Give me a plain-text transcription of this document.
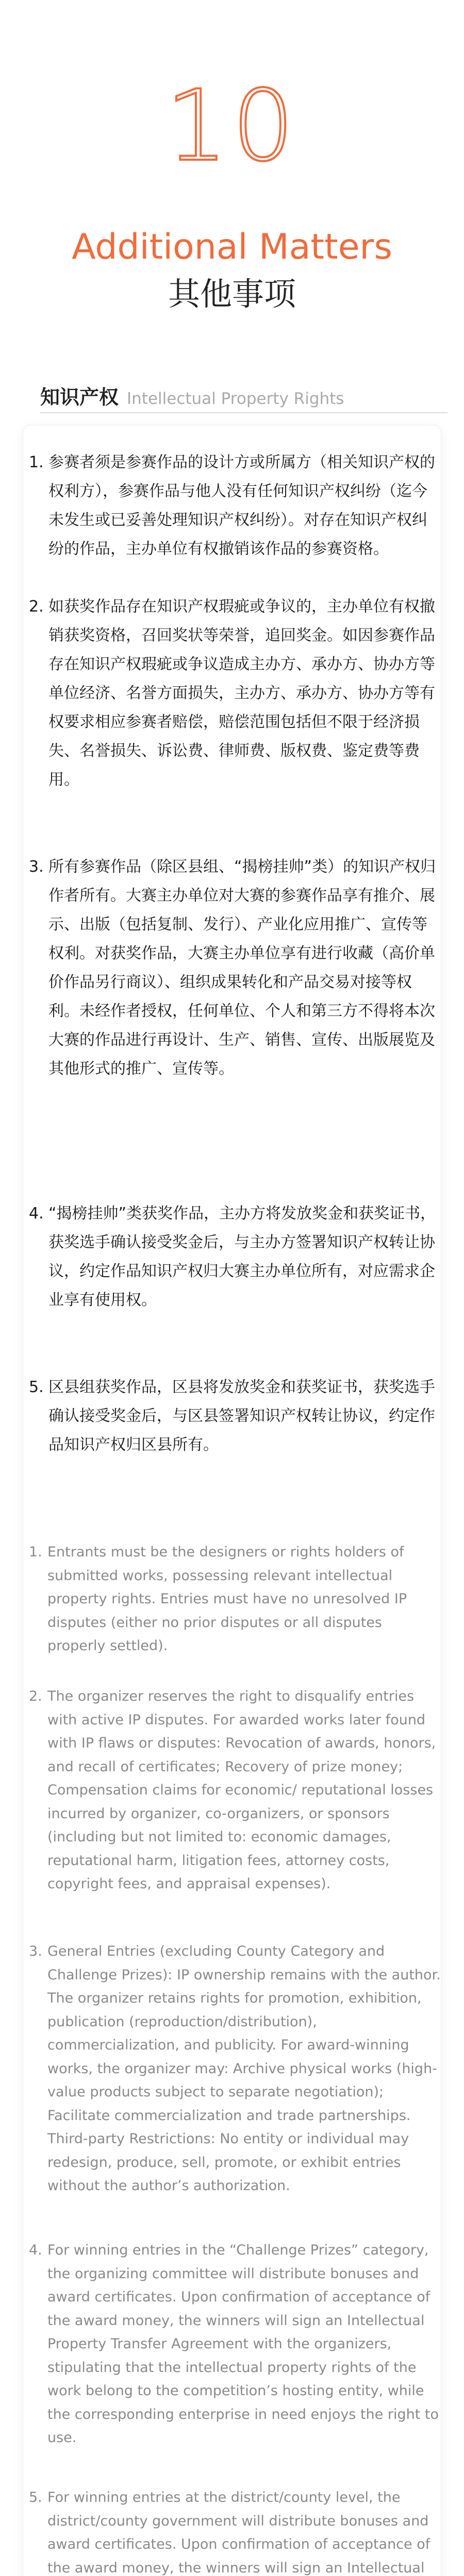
10
Additional Matters
其他事项
知识产权 Intellectual Property Rights
1. 参赛者须是参赛作品的设计方或所属方（相关知识产权的权利方），参赛作品与他人没有任何知识产权纠纷（迄今未发生或已妥善处理知识产权纠纷）。对存在知识产权纠纷的作品，主办单位有权撤销该作品的参赛资格。
2. 如获奖作品存在知识产权瑕疵或争议的，主办单位有权撤销获奖资格，召回奖状等荣誉，追回奖金。如因参赛作品存在知识产权瑕疵或争议造成主办方、承办方、协办方等单位经济、名誉方面损失，主办方、承办方、协办方等有权要求相应参赛者赔偿，赔偿范围包括但不限于经济损失、名誉损失、诉讼费、律师费、版权费、鉴定费等费用。
3. 所有参赛作品（除区县组、“揭榜挂帅”类）的知识产权归作者所有。大赛主办单位对大赛的参赛作品享有推介、展示、出版（包括复制、发行）、产业化应用推广、宣传等权利。对获奖作品，大赛主办单位享有进行收藏（高价单价作品另行商议）、组织成果转化和产品交易对接等权利。未经作者授权，任何单位、个人和第三方不得将本次大赛的作品进行再设计、生产、销售、宣传、出版展览及其他形式的推广、宣传等。
4. “揭榜挂帅”类获奖作品，主办方将发放奖金和获奖证书，获奖选手确认接受奖金后，与主办方签署知识产权转让协议，约定作品知识产权归大赛主办单位所有，对应需求企业享有使用权。
5. 区县组获奖作品，区县将发放奖金和获奖证书，获奖选手确认接受奖金后，与区县签署知识产权转让协议，约定作品知识产权归区县所有。
1. Entrants must be the designers or rights holders of submitted works, possessing relevant intellectual property rights. Entries must have no unresolved IP disputes (either no prior disputes or all disputes properly settled).
2. The organizer reserves the right to disqualify entries with active IP disputes. For awarded works later found with IP flaws or disputes: Revocation of awards, honors, and recall of certificates; Recovery of prize money; Compensation claims for economic/ reputational losses incurred by organizer, co-organizers, or sponsors (including but not limited to: economic damages, reputational harm, litigation fees, attorney costs, copyright fees, and appraisal expenses).
3. General Entries (excluding County Category and Challenge Prizes): IP ownership remains with the author. The organizer retains rights for promotion, exhibition, publication (reproduction/distribution), commercialization, and publicity. For award-winning works, the organizer may: Archive physical works (high-value products subject to separate negotiation); Facilitate commercialization and trade partnerships. Third-party Restrictions: No entity or individual may redesign, produce, sell, promote, or exhibit entries without the author’s authorization.
4. For winning entries in the “Challenge Prizes” category, the organizing committee will distribute bonuses and award certificates. Upon confirmation of acceptance of the award money, the winners will sign an Intellectual Property Transfer Agreement with the organizers, stipulating that the intellectual property rights of the work belong to the competition’s hosting entity, while the corresponding enterprise in need enjoys the right to use.
5. For winning entries at the district/county level, the district/county government will distribute bonuses and award certificates. Upon confirmation of acceptance of the award money, the winners will sign an Intellectual
